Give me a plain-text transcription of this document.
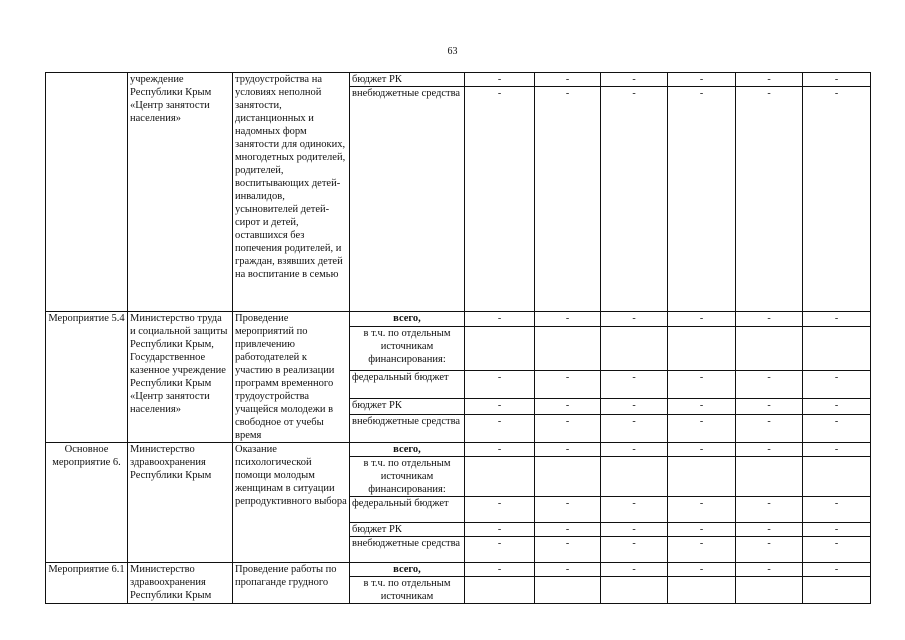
63
	учреждение Республики Крым «Центр занятости населения»	трудоустройства на условиях неполной занятости, дистанционных и надомных форм занятости для одиноких, многодетных родителей, родителей, воспитывающих детей-инвалидов, усыновителей детей-сирот и детей, оставшихся без попечения родителей, и граждан, взявших детей на воспитание в семью	бюджет РК	-	-	-	-	-	-
			внебюджетные средства	-	-	-	-	-	-
Мероприятие 5.4	Министерство труда и социальной защиты Республики Крым, Государственное казенное учреждение Республики Крым «Центр занятости населения»	Проведение мероприятий по привлечению работодателей к участию в реализации программ временного трудоустройства учащейся молодежи в свободное от учебы время	всего,	-	-	-	-	-	-
			в т.ч. по отдельным источникам финансирования:						
			федеральный бюджет	-	-	-	-	-	-
			бюджет РК	-	-	-	-	-	-
			внебюджетные средства	-	-	-	-	-	-
Основное мероприятие 6.	Министерство здравоохранения Республики Крым	Оказание психологической помощи молодым женщинам в ситуации репродуктивного выбора	всего,	-	-	-	-	-	-
			в т.ч. по отдельным источникам финансирования:						
			федеральный бюджет	-	-	-	-	-	-
			бюджет РК	-	-	-	-	-	-
			внебюджетные средства	-	-	-	-	-	-
Мероприятие 6.1	Министерство здравоохранения Республики Крым	Проведение работы по пропаганде грудного	всего,	-	-	-	-	-	-
			в т.ч. по отдельным источникам						
